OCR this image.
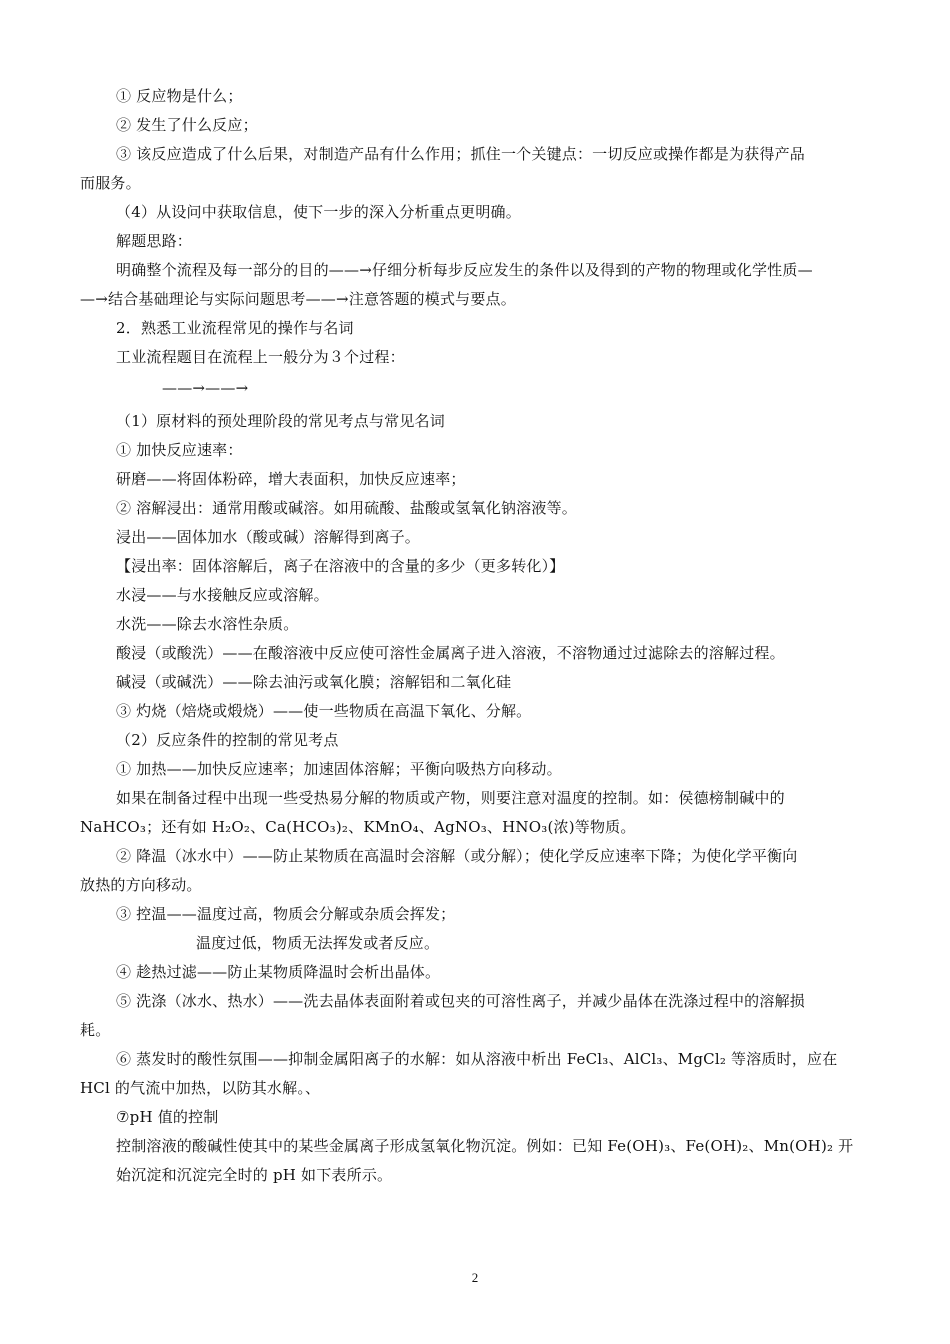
① 反应物是什么；
② 发生了什么反应；
③ 该反应造成了什么后果，对制造产品有什么作用；抓住一个关键点：一切反应或操作都是为获得产品
而服务。
（4）从设问中获取信息，使下一步的深入分析重点更明确。
解题思路：
明确整个流程及每一部分的目的——→仔细分析每步反应发生的条件以及得到的产物的物理或化学性质—
—→结合基础理论与实际问题思考——→注意答题的模式与要点。
2．熟悉工业流程常见的操作与名词
工业流程题目在流程上一般分为３个过程：
——→——→
（1）原材料的预处理阶段的常见考点与常见名词
① 加快反应速率：
研磨——将固体粉碎，增大表面积，加快反应速率；
② 溶解浸出：通常用酸或碱溶。如用硫酸、盐酸或氢氧化钠溶液等。
浸出——固体加水（酸或碱）溶解得到离子。
【浸出率：固体溶解后，离子在溶液中的含量的多少（更多转化）】
水浸——与水接触反应或溶解。
水洗——除去水溶性杂质。
酸浸（或酸洗）——在酸溶液中反应使可溶性金属离子进入溶液，不溶物通过过滤除去的溶解过程。
碱浸（或碱洗）——除去油污或氧化膜；溶解铝和二氧化硅
③ 灼烧（焙烧或煅烧）——使一些物质在高温下氧化、分解。
（2）反应条件的控制的常见考点
① 加热——加快反应速率；加速固体溶解；平衡向吸热方向移动。
如果在制备过程中出现一些受热易分解的物质或产物，则要注意对温度的控制。如：侯德榜制碱中的
NaHCO₃；还有如 H₂O₂、Ca(HCO₃)₂、KMnO₄、AgNO₃、HNO₃(浓)等物质。
② 降温（冰水中）——防止某物质在高温时会溶解（或分解）；使化学反应速率下降；为使化学平衡向
放热的方向移动。
③ 控温——温度过高，物质会分解或杂质会挥发；
温度过低，物质无法挥发或者反应。
④ 趁热过滤——防止某物质降温时会析出晶体。
⑤ 洗涤（冰水、热水）——洗去晶体表面附着或包夹的可溶性离子，并减少晶体在洗涤过程中的溶解损
耗。
⑥ 蒸发时的酸性氛围——抑制金属阳离子的水解：如从溶液中析出 FeCl₃、AlCl₃、MgCl₂ 等溶质时，应在
HCl 的气流中加热，以防其水解。、
⑦pH 值的控制
控制溶液的酸碱性使其中的某些金属离子形成氢氧化物沉淀。例如：已知 Fe(OH)₃、Fe(OH)₂、Mn(OH)₂ 开
始沉淀和沉淀完全时的 pH 如下表所示。
2
